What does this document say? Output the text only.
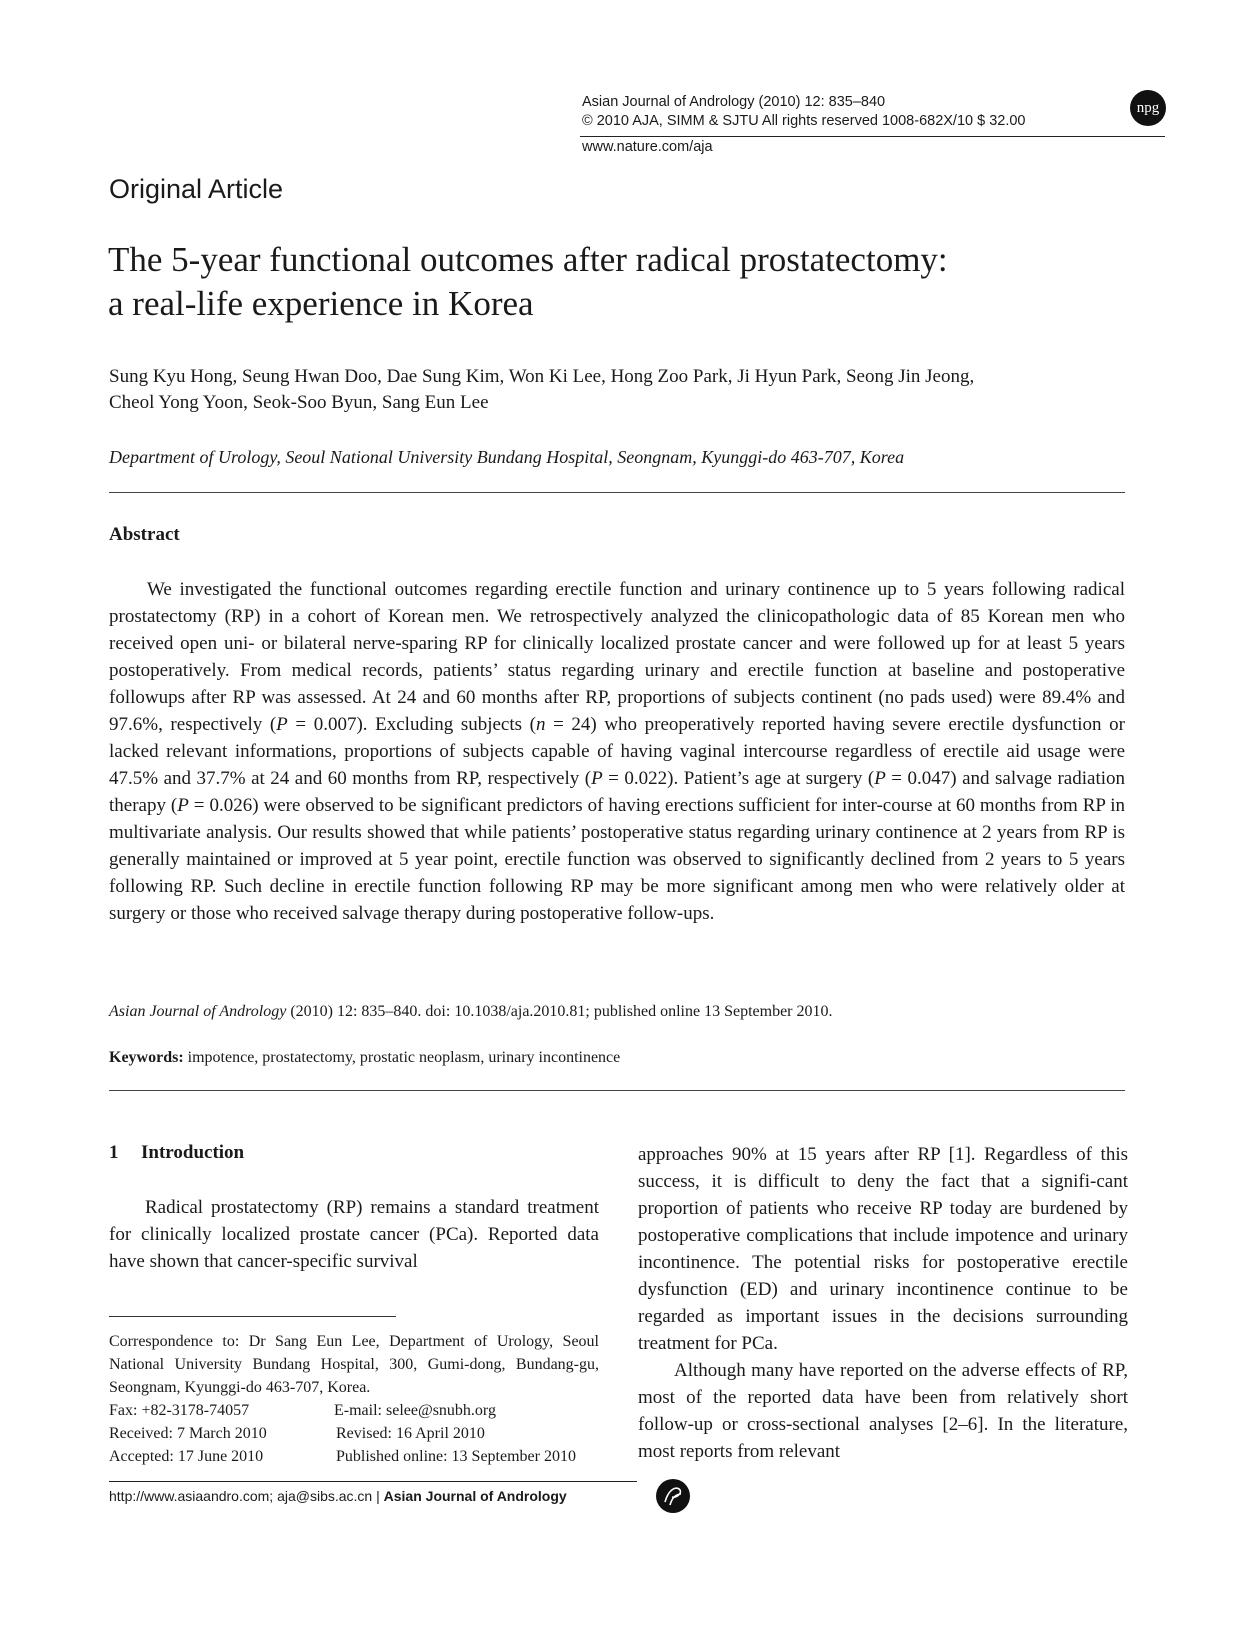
Asian Journal of Andrology (2010) 12: 835–840
© 2010 AJA, SIMM & SJTU All rights reserved 1008-682X/10 $ 32.00
www.nature.com/aja
npg
Original Article
The 5-year functional outcomes after radical prostatectomy:
a real-life experience in Korea
Sung Kyu Hong, Seung Hwan Doo, Dae Sung Kim, Won Ki Lee, Hong Zoo Park, Ji Hyun Park, Seong Jin Jeong,
Cheol Yong Yoon, Seok-Soo Byun, Sang Eun Lee
Department of Urology, Seoul National University Bundang Hospital, Seongnam, Kyunggi-do 463-707, Korea
Abstract
We investigated the functional outcomes regarding erectile function and urinary continence up to 5 years following radical prostatectomy (RP) in a cohort of Korean men. We retrospectively analyzed the clinicopathologic data of 85 Korean men who received open uni- or bilateral nerve-sparing RP for clinically localized prostate cancer and were followed up for at least 5 years postoperatively. From medical records, patients’ status regarding urinary and erectile function at baseline and postoperative followups after RP was assessed. At 24 and 60 months after RP, proportions of subjects continent (no pads used) were 89.4% and 97.6%, respectively (P = 0.007). Excluding subjects (n = 24) who preoperatively reported having severe erectile dysfunction or lacked relevant informations, proportions of subjects capable of having vaginal intercourse regardless of erectile aid usage were 47.5% and 37.7% at 24 and 60 months from RP, respectively (P = 0.022). Patient’s age at surgery (P = 0.047) and salvage radiation therapy (P = 0.026) were observed to be significant predictors of having erections sufficient for inter-course at 60 months from RP in multivariate analysis. Our results showed that while patients’ postoperative status regarding urinary continence at 2 years from RP is generally maintained or improved at 5 year point, erectile function was observed to significantly declined from 2 years to 5 years following RP. Such decline in erectile function following RP may be more significant among men who were relatively older at surgery or those who received salvage therapy during postoperative follow-ups.
Asian Journal of Andrology (2010) 12: 835–840. doi: 10.1038/aja.2010.81; published online 13 September 2010.
Keywords: impotence, prostatectomy, prostatic neoplasm, urinary incontinence
1 Introduction

Radical prostatectomy (RP) remains a standard treatment for clinically localized prostate cancer (PCa). Reported data have shown that cancer-specific survival

approaches 90% at 15 years after RP [1]. Regardless of this success, it is difficult to deny the fact that a signifi-cant proportion of patients who receive RP today are burdened by postoperative complications that include impotence and urinary incontinence. The potential risks for postoperative erectile dysfunction (ED) and urinary incontinence continue to be regarded as important issues in the decisions surrounding treatment for PCa.

Although many have reported on the adverse effects of RP, most of the reported data have been from relatively short follow-up or cross-sectional analyses [2–6]. In the literature, most reports from relevant

Correspondence to: Dr Sang Eun Lee, Department of Urology, Seoul National University Bundang Hospital, 300, Gumi-dong, Bundang-gu, Seongnam, Kyunggi-do 463-707, Korea.
Fax: +82-3178-74057	E-mail: selee@snubh.org
Received: 7 March 2010	Revised: 16 April 2010
Accepted: 17 June 2010	Published online: 13 September 2010
http://www.asiaandro.com; aja@sibs.ac.cn | Asian Journal of Andrology
